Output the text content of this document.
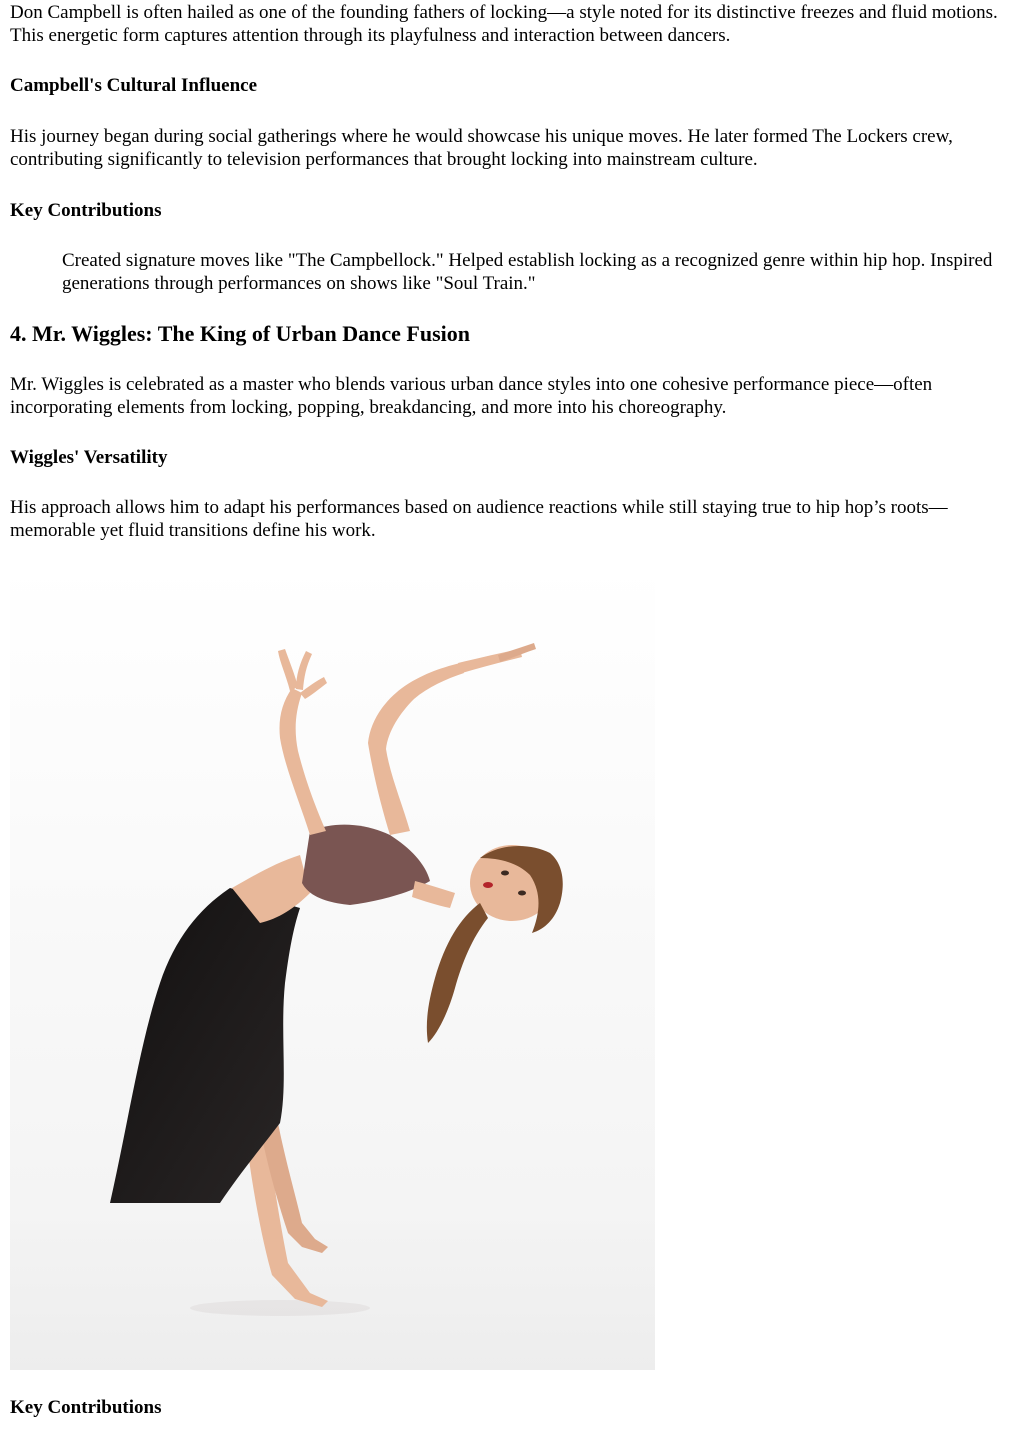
Don Campbell is often hailed as one of the founding fathers of locking—a style noted for its distinctive freezes and fluid motions. This energetic form captures attention through its playfulness and interaction between dancers.

Campbell's Cultural Influence

His journey began during social gatherings where he would showcase his unique moves. He later formed The Lockers crew, contributing significantly to television performances that brought locking into mainstream culture.

Key Contributions

Created signature moves like "The Campbellock." Helped establish locking as a recognized genre within hip hop. Inspired generations through performances on shows like "Soul Train."

4. Mr. Wiggles: The King of Urban Dance Fusion

Mr. Wiggles is celebrated as a master who blends various urban dance styles into one cohesive performance piece—often incorporating elements from locking, popping, breakdancing, and more into his choreography.

Wiggles' Versatility

His approach allows him to adapt his performances based on audience reactions while still staying true to hip hop’s roots—memorable yet fluid transitions define his work.

Key Contributions
